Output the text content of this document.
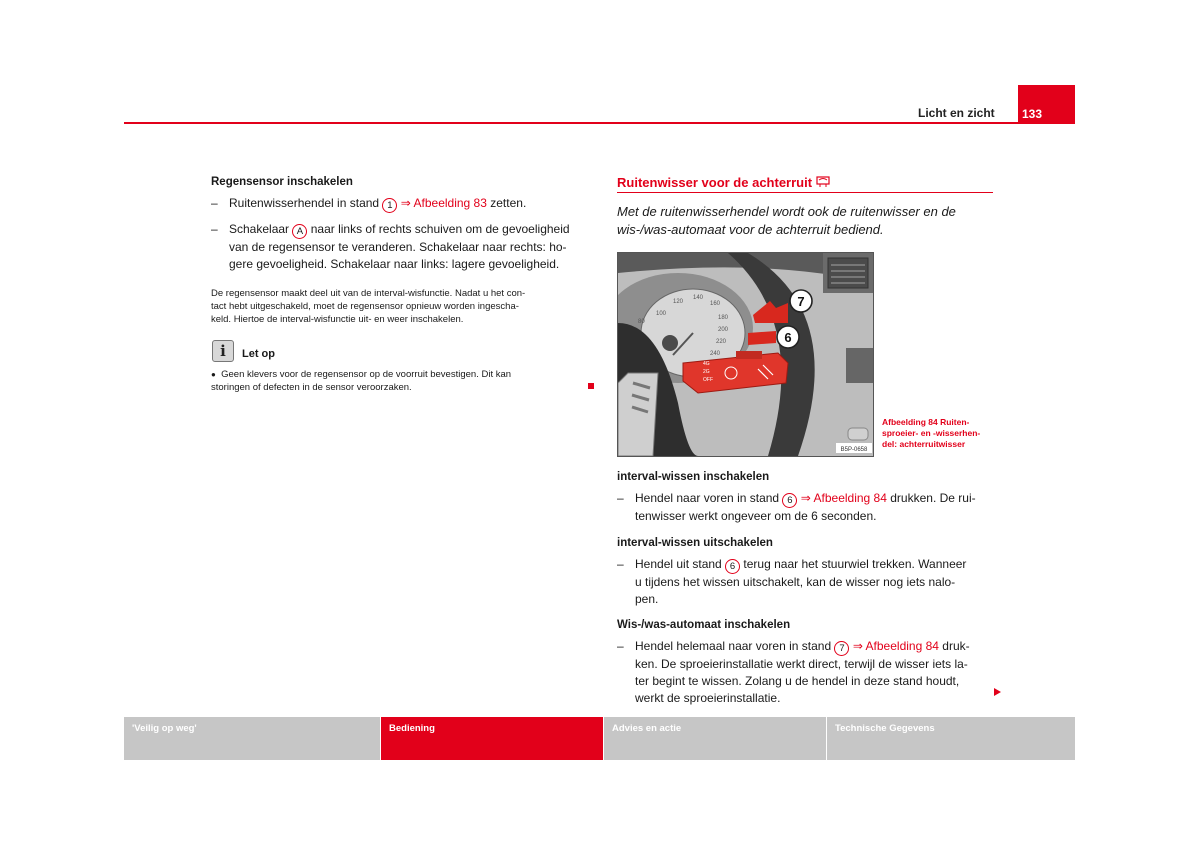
Licht en zicht 133
Regensensor inschakelen
– Ruitenwisserhendel in stand 1 ⇒ Afbeelding 83 zetten.
– Schakelaar A naar links of rechts schuiven om de gevoeligheid
van de regensensor te veranderen. Schakelaar naar rechts: ho-
gere gevoeligheid. Schakelaar naar links: lagere gevoeligheid.
De regensensor maakt deel uit van de interval-wisfunctie. Nadat u het con-
tact hebt uitgeschakeld, moet de regensensor opnieuw worden ingescha-
keld. Hiertoe de interval-wisfunctie uit- en weer inschakelen.
i	Let op
● Geen klevers voor de regensensor op de voorruit bevestigen. Dit kan
storingen of defecten in de sensor veroorzaken.
Ruitenwisser voor de achterruit
Met de ruitenwisserhendel wordt ook de ruitenwisser en de
wis-/was-automaat voor de achterruit bediend.
100
120
140
160
180
200
220
240
80
4G
2G
OFF
7
6
B5P-0658
Afbeelding 84 Ruiten-
sproeier- en -wisserhen-
del: achterruitwisser
interval-wissen inschakelen
– Hendel naar voren in stand 6 ⇒ Afbeelding 84 drukken. De rui-
tenwisser werkt ongeveer om de 6 seconden.
interval-wissen uitschakelen
– Hendel uit stand 6 terug naar het stuurwiel trekken. Wanneer
u tijdens het wissen uitschakelt, kan de wisser nog iets nalo-
pen.
Wis-/was-automaat inschakelen
– Hendel helemaal naar voren in stand 7 ⇒ Afbeelding 84 druk-
ken. De sproeierinstallatie werkt direct, terwijl de wisser iets la-
ter begint te wissen. Zolang u de hendel in deze stand houdt,
werkt de sproeierinstallatie.
'Veilig op weg'	Bediening	Advies en actie	Technische Gegevens
